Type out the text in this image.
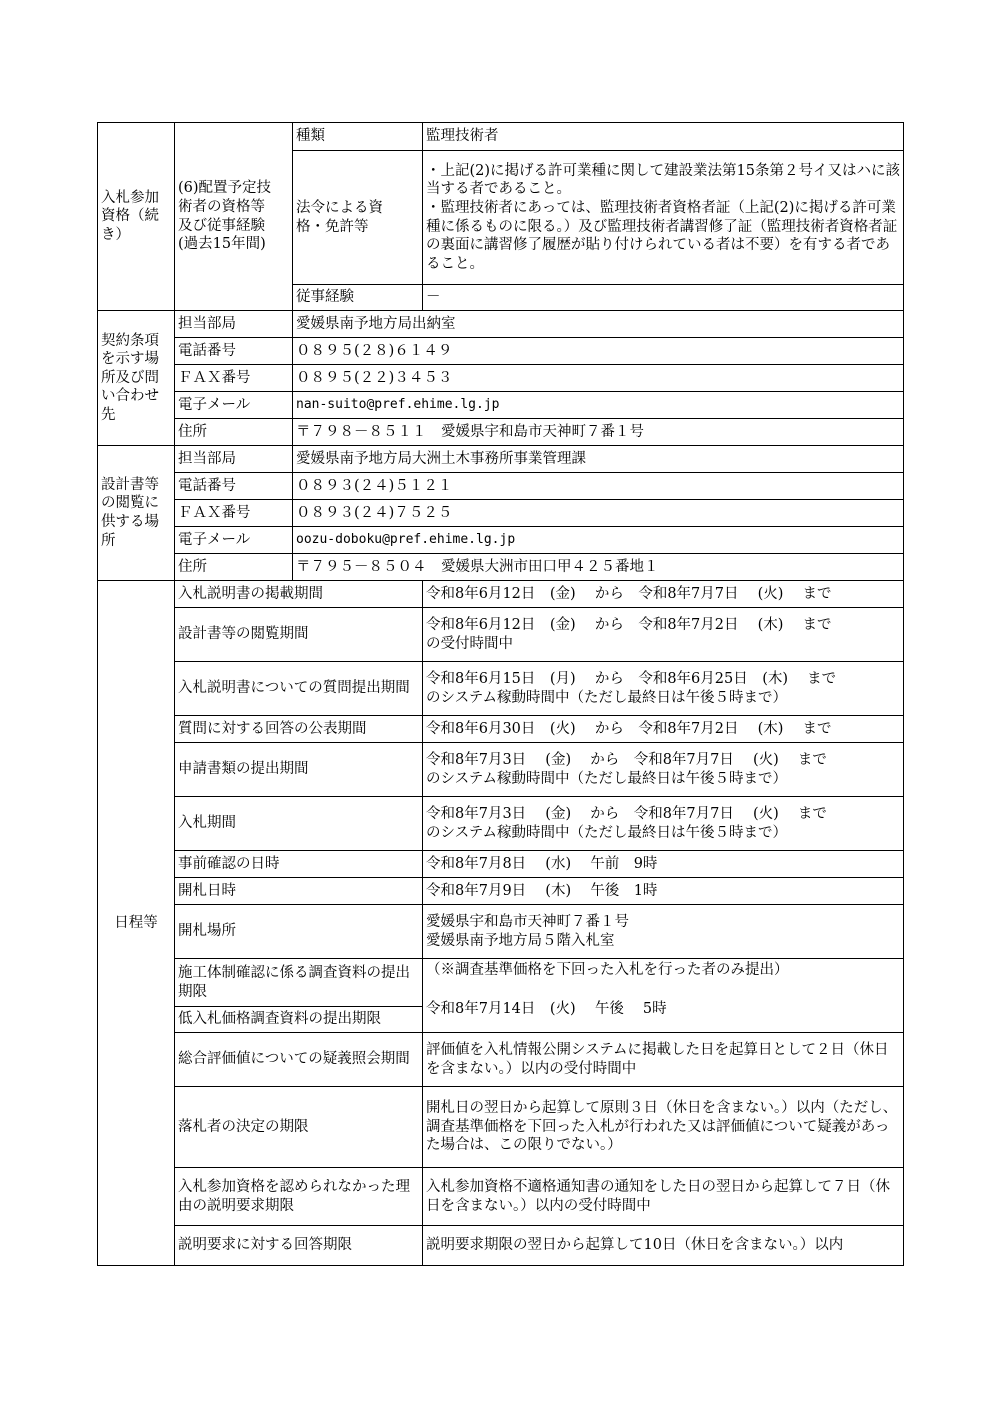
入札参加
資格（続
き）	(6)配置予定技
術者の資格等
及び従事経験
(過去15年間)	種類	監理技術者
		法令による資
格・免許等	・上記(2)に掲げる許可業種に関して建設業法第15条第２号イ又はハに該当する者であること。
・監理技術者にあっては、監理技術者資格者証（上記(2)に掲げる許可業種に係るものに限る。）及び監理技術者講習修了証（監理技術者資格者証の裏面に講習修了履歴が貼り付けられている者は不要）を有する者であること。

		従事経験	－
契約条項
を示す場
所及び問
い合わせ
先	担当部局	愛媛県南予地方局出納室	
	電話番号	０８９５(２８)６１４９	
	ＦＡＸ番号	０８９５(２２)３４５３	
	電子メール	nan-suito@pref.ehime.lg.jp	
	住所	〒７９８－８５１１　愛媛県宇和島市天神町７番１号	
設計書等
の閲覧に
供する場
所	担当部局	愛媛県南予地方局大洲土木事務所事業管理課	
	電話番号	０８９３(２４)５１２１	
	ＦＡＸ番号	０８９３(２４)７５２５	
	電子メール	oozu-doboku@pref.ehime.lg.jp	
	住所	〒７９５－８５０４　愛媛県大洲市田口甲４２５番地１	
日程等	入札説明書の掲載期間		令和8年6月12日　(金)　 から　令和8年7月7日　 (火)　 まで
	設計書等の閲覧期間		令和8年6月12日　(金)　 から　令和8年7月2日　 (木)　 まで
の受付時間中
	入札説明書についての質問提出期間		令和8年6月15日　(月)　 から　令和8年6月25日　(木)　 まで
のシステム稼動時間中（ただし最終日は午後５時まで）
	質問に対する回答の公表期間		令和8年6月30日　(火)　 から　令和8年7月2日　 (木)　 まで
	申請書類の提出期間		令和8年7月3日　 (金)　 から　令和8年7月7日　 (火)　 まで
のシステム稼動時間中（ただし最終日は午後５時まで）
	入札期間		令和8年7月3日　 (金)　 から　令和8年7月7日　 (火)　 まで
のシステム稼動時間中（ただし最終日は午後５時まで）
	事前確認の日時		令和8年7月8日　 (水)　 午前　9時
	開札日時		令和8年7月9日　 (木)　 午後　1時
	開札場所		愛媛県宇和島市天神町７番１号
愛媛県南予地方局５階入札室
	施工体制確認に係る調査資料の提出期限		（※調査基準価格を下回った入札を行った者のみ提出）
令和8年7月14日　(火)　 午後　 5時

	低入札価格調査資料の提出期限		
	総合評価値についての疑義照会期間		評価値を入札情報公開システムに掲載した日を起算日として２日（休日を含まない。）以内の受付時間中
	落札者の決定の期限		開札日の翌日から起算して原則３日（休日を含まない。）以内（ただし、調査基準価格を下回った入札が行われた又は評価値について疑義があった場合は、この限りでない。）
	入札参加資格を認められなかった理由の説明要求期限		入札参加資格不適格通知書の通知をした日の翌日から起算して７日（休日を含まない。）以内の受付時間中
	説明要求に対する回答期限		説明要求期限の翌日から起算して10日（休日を含まない。）以内
